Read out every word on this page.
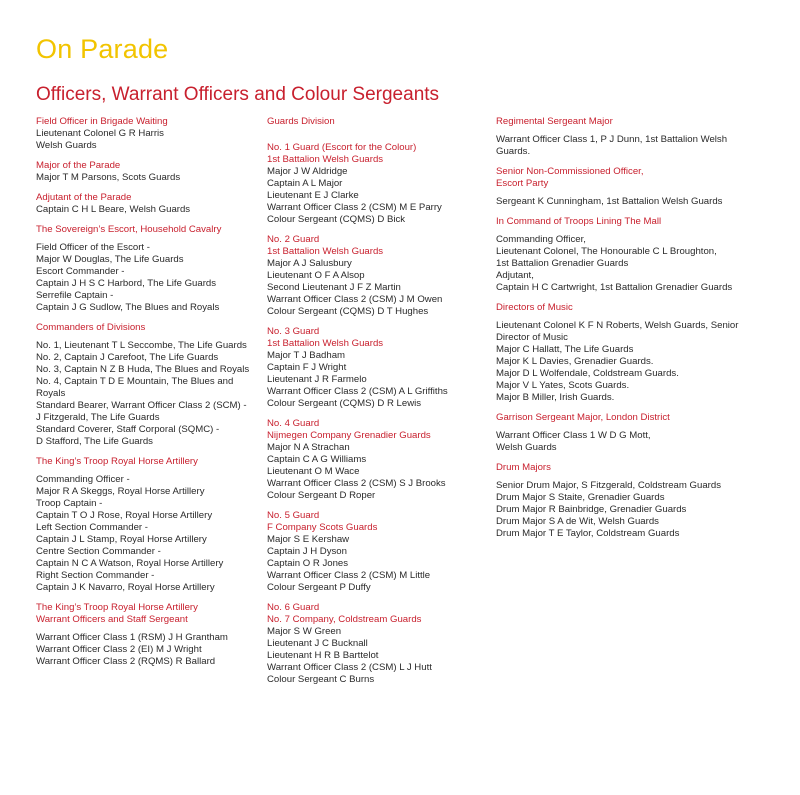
On Parade
Officers, Warrant Officers and Colour Sergeants
Field Officer in Brigade Waiting
Lieutenant Colonel G R Harris
Welsh Guards
Major of the Parade
Major T M Parsons, Scots Guards
Adjutant of the Parade
Captain C H L Beare, Welsh Guards
The Sovereign’s Escort, Household Cavalry
Field Officer of the Escort -
Major W Douglas, The Life Guards
Escort Commander -
Captain J H S C Harbord, The Life Guards
Serrefile Captain -
Captain J G Sudlow, The Blues and Royals
Commanders of Divisions
No. 1, Lieutenant T L Seccombe, The Life Guards
No. 2, Captain J Carefoot, The Life Guards
No. 3, Captain N Z B Huda, The Blues and Royals
No. 4, Captain T D E Mountain, The Blues and
Royals
Standard Bearer, Warrant Officer Class 2 (SCM) -
J Fitzgerald, The Life Guards
Standard Coverer, Staff Corporal (SQMC) -
D Stafford, The Life Guards
The King’s Troop Royal Horse Artillery
Commanding Officer -
Major R A Skeggs, Royal Horse Artillery
Troop Captain -
Captain T O J Rose, Royal Horse Artillery
Left Section Commander -
Captain J L Stamp, Royal Horse Artillery
Centre Section Commander -
Captain N C A Watson, Royal Horse Artillery
Right Section Commander -
Captain J K Navarro, Royal Horse Artillery
The King’s Troop Royal Horse Artillery
Warrant Officers and Staff Sergeant
Warrant Officer Class 1 (RSM) J H Grantham
Warrant Officer Class 2 (EI) M J Wright
Warrant Officer Class 2 (RQMS) R Ballard
Guards Division
No. 1 Guard (Escort for the Colour)
1st Battalion Welsh Guards
Major J W Aldridge
Captain A L Major
Lieutenant E J Clarke
Warrant Officer Class 2 (CSM) M E Parry
Colour Sergeant (CQMS) D Bick
No. 2 Guard
1st Battalion Welsh Guards
Major A J Salusbury
Lieutenant O F A Alsop
Second Lieutenant J F Z Martin
Warrant Officer Class 2 (CSM) J M Owen
Colour Sergeant (CQMS) D T Hughes
No. 3 Guard
1st Battalion Welsh Guards
Major T J Badham
Captain F J Wright
Lieutenant J R Farmelo
Warrant Officer Class 2 (CSM) A L Griffiths
Colour Sergeant (CQMS) D R Lewis
No. 4 Guard
Nijmegen Company Grenadier Guards
Major N A Strachan
Captain C A G Williams
Lieutenant O M Wace
Warrant Officer Class 2 (CSM) S J Brooks
Colour Sergeant D Roper
No. 5 Guard
F Company Scots Guards
Major S E Kershaw
Captain J H Dyson
Captain O R Jones
Warrant Officer Class 2 (CSM) M Little
Colour Sergeant P Duffy
No. 6 Guard
No. 7 Company, Coldstream Guards
Major S W Green
Lieutenant J C Bucknall
Lieutenant H R B Barttelot
Warrant Officer Class 2 (CSM) L J Hutt
Colour Sergeant C Burns
Regimental Sergeant Major
Warrant Officer Class 1, P J Dunn, 1st Battalion Welsh
Guards.
Senior Non-Commissioned Officer,
Escort Party
Sergeant K Cunningham, 1st Battalion Welsh Guards
In Command of Troops Lining The Mall
Commanding Officer,
Lieutenant Colonel, The Honourable C L Broughton,
1st Battalion Grenadier Guards
Adjutant,
Captain H C Cartwright, 1st Battalion Grenadier Guards
Directors of Music
Lieutenant Colonel K F N Roberts, Welsh Guards, Senior
Director of Music
Major C Hallatt, The Life Guards
Major K L Davies, Grenadier Guards.
Major D L Wolfendale, Coldstream Guards.
Major V L Yates, Scots Guards.
Major B Miller, Irish Guards.
Garrison Sergeant Major, London District
Warrant Officer Class 1 W D G Mott,
Welsh Guards
Drum Majors
Senior Drum Major, S Fitzgerald, Coldstream Guards
Drum Major S Staite, Grenadier Guards
Drum Major R Bainbridge, Grenadier Guards
Drum Major S A de Wit, Welsh Guards
Drum Major T E Taylor, Coldstream Guards
